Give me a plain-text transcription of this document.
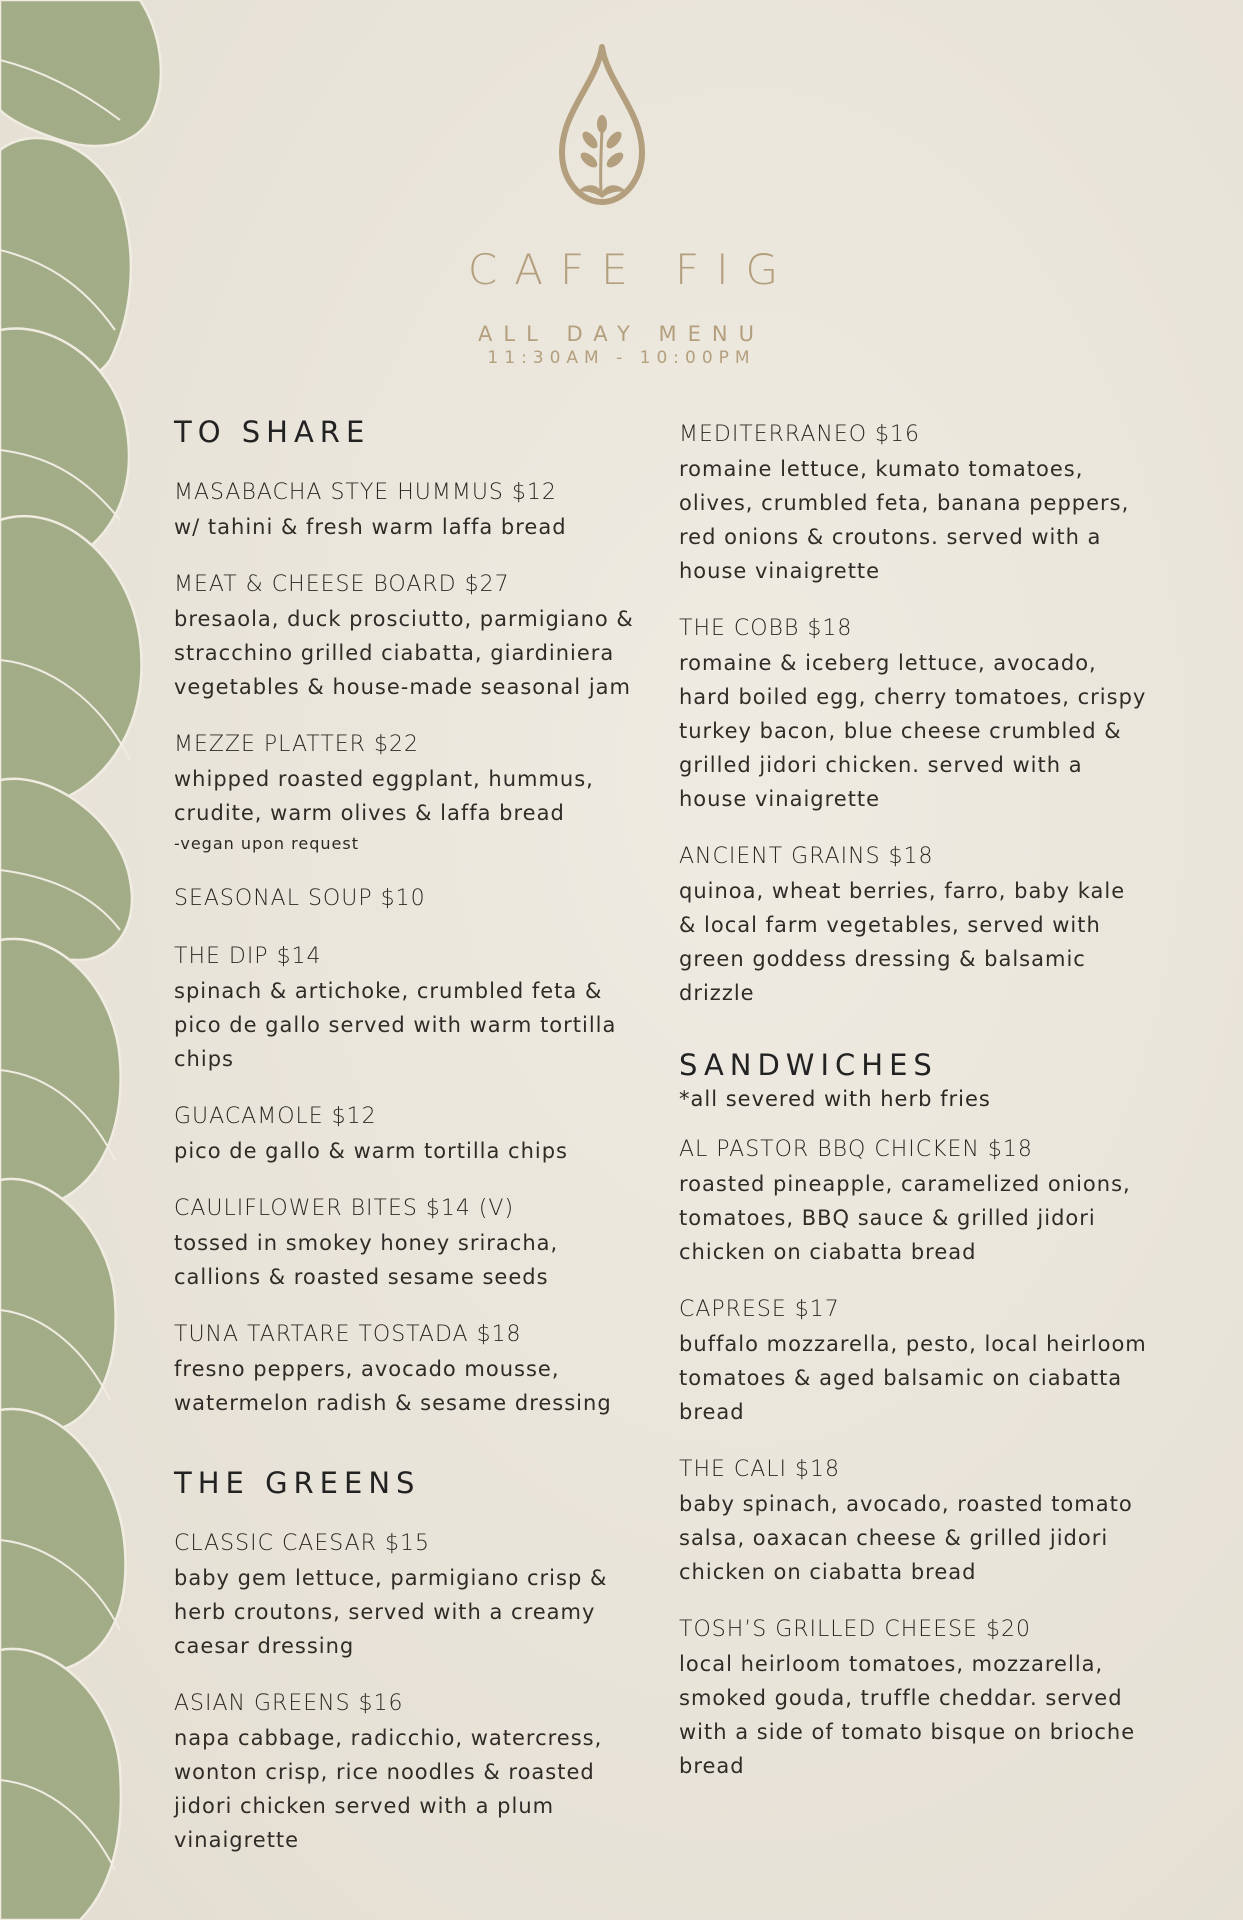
CAFE FIG
ALL DAY MENU
11:30AM - 10:00PM
TO SHARE
MASABACHA STYE HUMMUS $12
w/ tahini & fresh warm laffa bread
MEAT & CHEESE BOARD $27
bresaola, duck prosciutto, parmigiano & stracchino grilled ciabatta, giardiniera vegetables & house-made seasonal jam
MEZZE PLATTER $22
whipped roasted eggplant, hummus, crudite, warm olives & laffa bread
-vegan upon request
SEASONAL SOUP $10
THE DIP $14
spinach & artichoke, crumbled feta & pico de gallo served with warm tortilla chips
GUACAMOLE $12
pico de gallo & warm tortilla chips
CAULIFLOWER BITES $14 (V)
tossed in smokey honey sriracha, callions & roasted sesame seeds
TUNA TARTARE TOSTADA $18
fresno peppers, avocado mousse, watermelon radish & sesame dressing
THE GREENS
CLASSIC CAESAR $15
baby gem lettuce, parmigiano crisp & herb croutons, served with a creamy caesar dressing
ASIAN GREENS $16
napa cabbage, radicchio, watercress, wonton crisp, rice noodles & roasted jidori chicken served with a plum vinaigrette
MEDITERRANEO $16
romaine lettuce, kumato tomatoes, olives, crumbled feta, banana peppers, red onions & croutons. served with a house vinaigrette
THE COBB $18
romaine & iceberg lettuce, avocado, hard boiled egg, cherry tomatoes, crispy turkey bacon, blue cheese crumbled & grilled jidori chicken. served with a house vinaigrette
ANCIENT GRAINS $18
quinoa, wheat berries, farro, baby kale & local farm vegetables, served with green goddess dressing & balsamic drizzle
SANDWICHES
*all severed with herb fries
AL PASTOR BBQ CHICKEN $18
roasted pineapple, caramelized onions, tomatoes, BBQ sauce & grilled jidori chicken on ciabatta bread
CAPRESE $17
buffalo mozzarella, pesto, local heirloom tomatoes & aged balsamic on ciabatta bread
THE CALI $18
baby spinach, avocado, roasted tomato salsa, oaxacan cheese & grilled jidori chicken on ciabatta bread
TOSH’S GRILLED CHEESE $20
local heirloom tomatoes, mozzarella, smoked gouda, truffle cheddar. served with a side of tomato bisque on brioche bread
